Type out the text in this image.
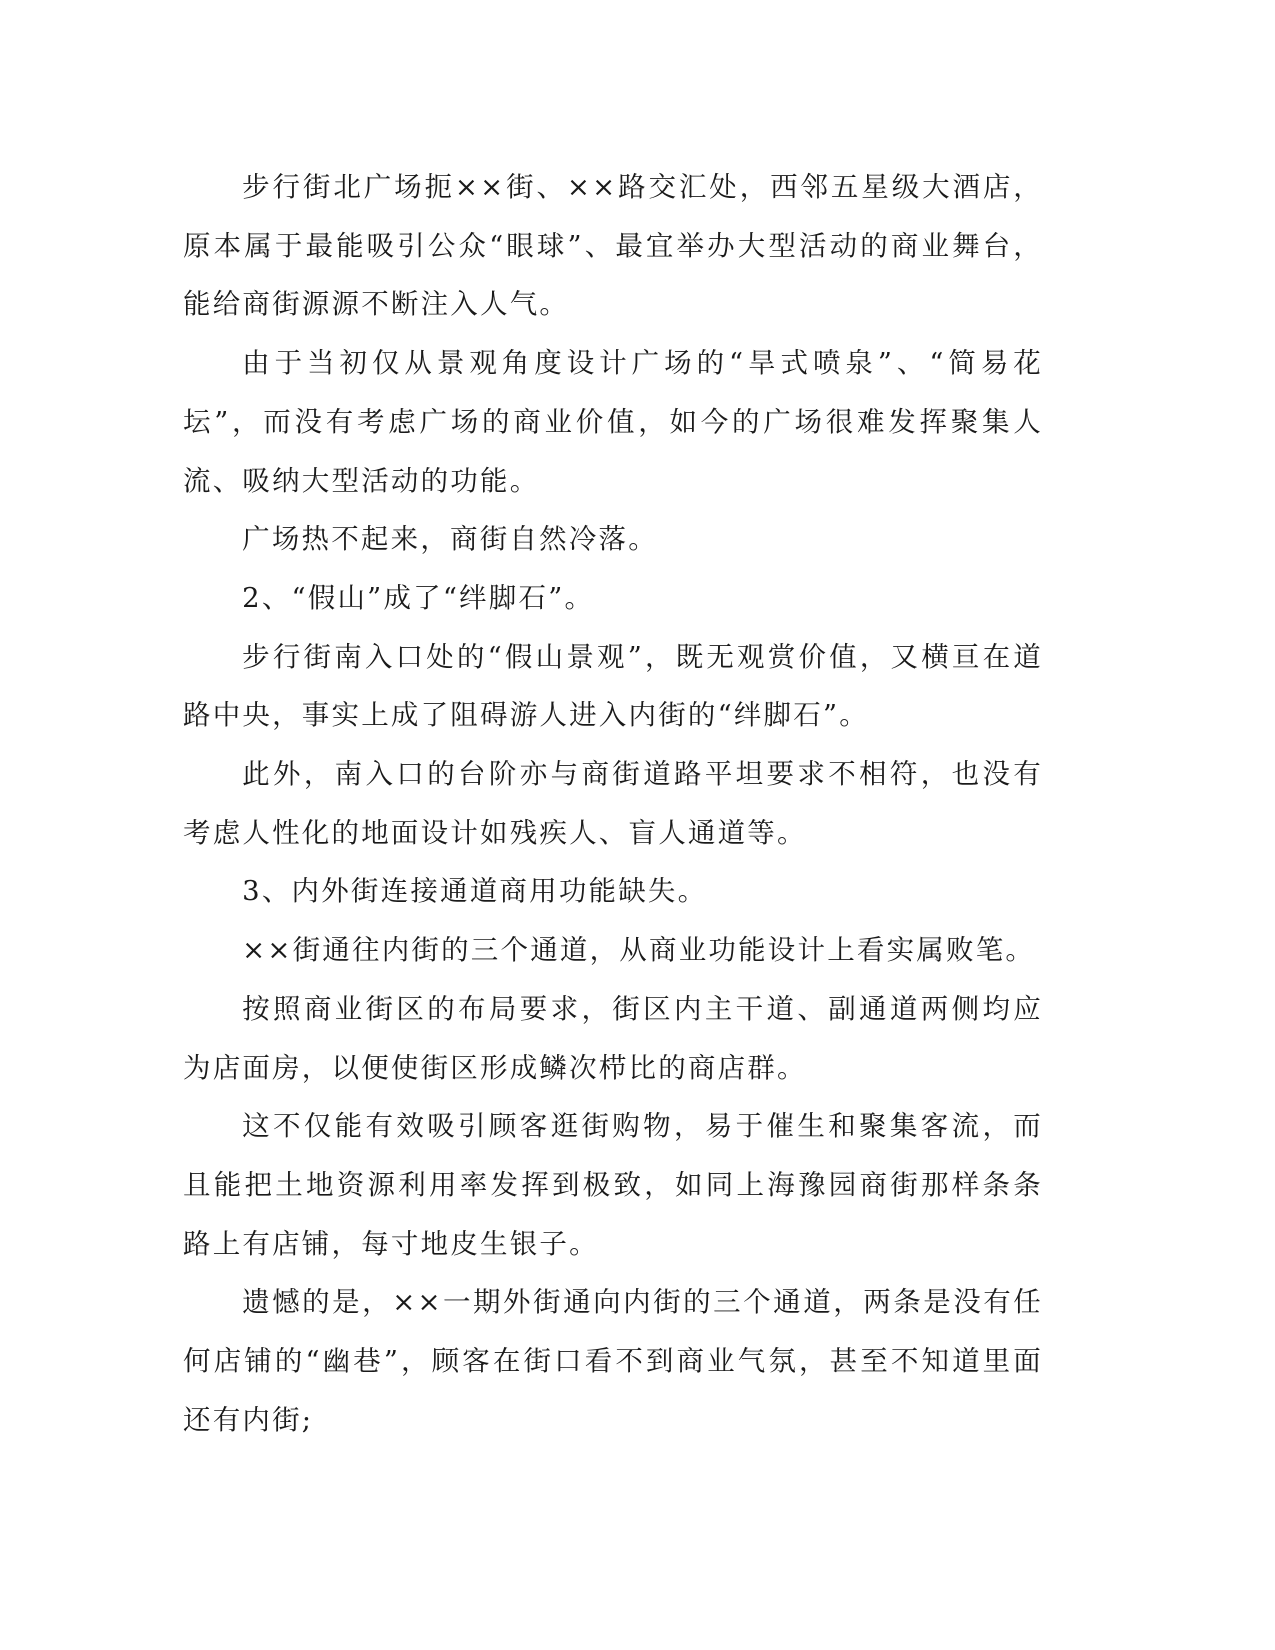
步行街北广场扼××街、××路交汇处，西邻五星级大酒店，原本属于最能吸引公众“眼球”、最宜举办大型活动的商业舞台，能给商街源源不断注入人气。

由于当初仅从景观角度设计广场的“旱式喷泉”、“简易花坛”，而没有考虑广场的商业价值，如今的广场很难发挥聚集人流、吸纳大型活动的功能。

广场热不起来，商街自然冷落。

2、“假山”成了“绊脚石”。

步行街南入口处的“假山景观”，既无观赏价值，又横亘在道路中央，事实上成了阻碍游人进入内街的“绊脚石”。

此外，南入口的台阶亦与商街道路平坦要求不相符，也没有考虑人性化的地面设计如残疾人、盲人通道等。

3、内外街连接通道商用功能缺失。

××街通往内街的三个通道，从商业功能设计上看实属败笔。

按照商业街区的布局要求，街区内主干道、副通道两侧均应为店面房，以便使街区形成鳞次栉比的商店群。

这不仅能有效吸引顾客逛街购物，易于催生和聚集客流，而且能把土地资源利用率发挥到极致，如同上海豫园商街那样条条路上有店铺，每寸地皮生银子。

遗憾的是，××一期外街通向内街的三个通道，两条是没有任何店铺的“幽巷”，顾客在街口看不到商业气氛，甚至不知道里面还有内街;
